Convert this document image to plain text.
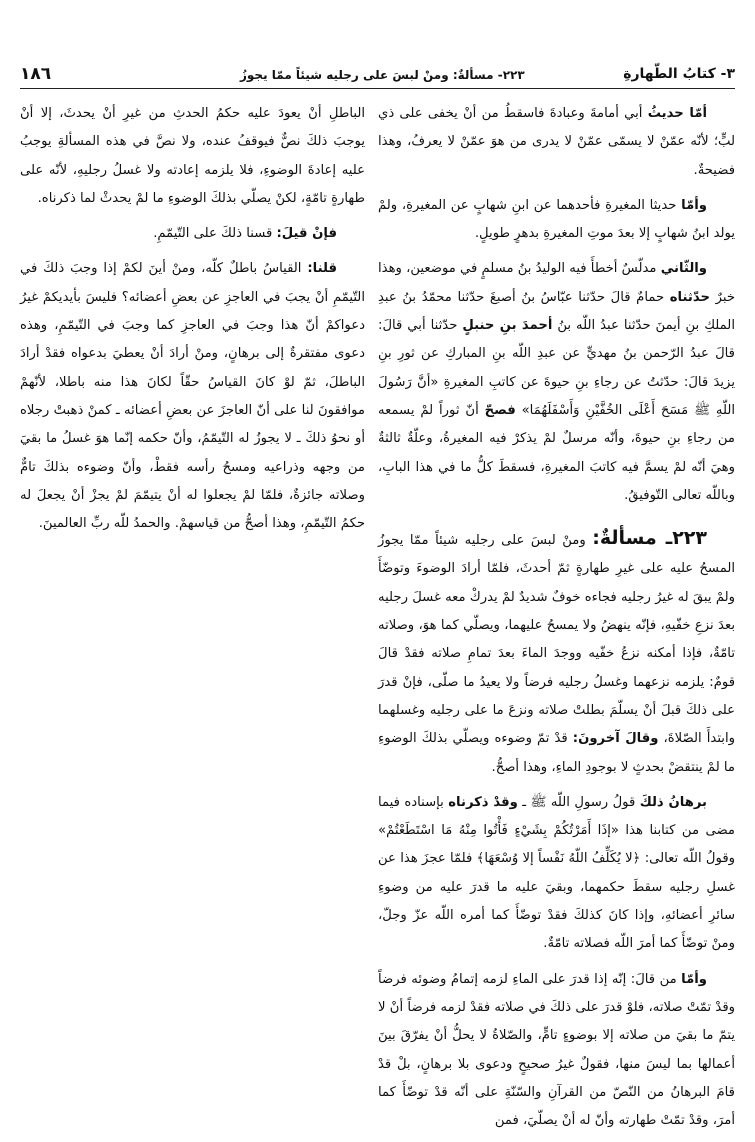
٣- كتابُ الطّهارةِ
٢٢٣- مسألةٌ: ومنْ لبسَ على رجليه شيئاً ممّا يجوزُ
١٨٦

أمّا حديثُ أبي أمامةَ وعبادةَ فاسقطُ من أنْ يخفى على ذي لبٍّ؛ لأنّه عمّنْ لا يسمّى عمّنْ لا يدرى من هوَ عمّنْ لا يعرفُ، وهذا فضيحةٌ.

وأمّا حديثا المغيرةِ فأحدهما عن ابنِ شهابٍ عن المغيرةِ، ولمْ يولد ابنُ شهابٍ إلا بعدَ موتِ المغيرةِ بدهرٍ طويلٍ.

والثّاني مدلّسٌ أخطأَ فيه الوليدُ بنُ مسلمٍ في موضعين، وهذا خبرٌ حدّثناه حمامٌ قالَ حدّثنا عبّاسُ بنُ أصبغَ حدّثنا محمّدُ بنُ عبدِ الملكِ بنِ أيمنَ حدّثنا عبدُ اللّه بنُ أحمدَ بنِ حنبلٍ حدّثنا أبي قالَ: قالَ عبدُ الرّحمن بنُ مهديٍّ عن عبدِ اللّه بنِ المباركِ عن ثورِ بنِ يزيدَ قالَ: حدّثتُ عن رجاءِ بنِ حيوةَ عن كاتبِ المغيرةِ «أنَّ رَسُولَ اللّهِ ﷺ مَسَحَ أَعْلَى الخُفَّيْنِ وَأَسْفَلَهُمَا» فصحّ أنّ ثوراً لمْ يسمعه من رجاءِ بنِ حيوةَ، وأنّه مرسلٌ لمْ يذكرْ فيه المغيرةُ، وعلّةٌ ثالثةٌ وهيَ أنّه لمْ يسمَّ فيه كاتبَ المغيرةِ، فسقطَ كلُّ ما في هذا البابِ، وباللّه تعالى التّوفيقُ.

٢٢٣ـ مسألةٌ: ومنْ لبسَ على رجليه شيئاً ممّا يجوزُ المسحُ عليه على غيرِ طهارةٍ ثمّ أحدثَ، فلمّا أرادَ الوضوءَ وتوضّأَ ولمْ يبقَ له غيرُ رجليه فجاءه خوفٌ شديدٌ لمْ يدركْ معه غسلَ رجليه بعدَ نزعِ خفّيهِ، فإنّه ينهضُ ولا يمسحُ عليهما، ويصلّي كما هوَ، وصلاته تامّةٌ، فإذا أمكنه نزعُ خفّيه ووجدَ الماءَ بعدَ تمامِ صلاته فقدْ قالَ قومٌ: يلزمه نزعهما وغسلُ رجليه فرضاً ولا يعيدُ ما صلّى، فإنْ قدرَ على ذلكَ قبلَ أنْ يسلّمَ بطلتْ صلاته ونزعَ ما على رجليه وغسلهما وابتدأَ الصّلاةَ، وقالَ آخرونَ: قدْ تمّ وضوءه ويصلّي بذلكَ الوضوءِ ما لمْ ينتقضْ بحدثٍ لا بوجودِ الماءِ، وهذا أصحُّ.

برهانُ ذلكَ قولُ رسولِ اللّه ﷺ ـ وقدْ ذكرناه بإسناده فيما مضى من كتابنا هذا «إذَا أَمَرْتُكُمْ بِشَيْءٍ فَأْتُوا مِنْهُ مَا اسْتَطَعْتُمْ» وقولُ اللّه تعالى: ﴿لا يُكَلِّفُ اللّهُ نَفْساً إلا وُسْعَهَا﴾ فلمّا عجزَ هذا عن غسلِ رجليه سقطَ حكمهما، وبقيَ عليه ما قدرَ عليه من وضوءِ سائرِ أعضائهِ، وإذا كانَ كذلكَ فقدْ توضّأَ كما أمره اللّه عزّ وجلّ، ومنْ توضّأَ كما أمرَ اللّه فصلاته تامّةٌ.

وأمّا من قالَ: إنّه إذا قدرَ على الماءِ لزمه إتمامُ وضوئه فرضاً وقدْ تمّتْ صلاته، فلوْ قدرَ على ذلكَ في صلاته فقدْ لزمه فرضاً أنْ لا يتمّ ما بقيَ من صلاته إلا بوضوءٍ تامٍّ، والصّلاةُ لا يحلُّ أنْ يفرّقَ بينَ أعمالها بما ليسَ منها، فقولٌ غيرُ صحيحٍ ودعوى بلا برهانٍ، بلْ قدْ قامَ البرهانُ من النّصّ من القرآنِ والسّنّةِ على أنّه قدْ توضّأَ كما أمرَ، وقدْ تمّتْ طهارته وأنّ له أنْ يصلّيَ، فمن

الباطلِ أنْ يعودَ عليه حكمُ الحدثِ من غيرِ أنْ يحدثَ، إلا أنْ يوجبَ ذلكَ نصٌّ فيوقفُ عنده، ولا نصَّ في هذه المسألةِ يوجبُ عليه إعادةَ الوضوءِ، فلا يلزمه إعادته ولا غسلُ رجليهِ، لأنّه على طهارةٍ تامّةٍ، لكنْ يصلّي بذلكَ الوضوءِ ما لمْ يحدثْ لما ذكرناه.

فإنْ قيلَ: قسنا ذلكَ على التّيمّمِ.

قلنا: القياسُ باطلٌ كلّه، ومنْ أينَ لكمْ إذا وجبَ ذلكَ في التّيمّمِ أنْ يجبَ في العاجزِ عن بعضِ أعضائه؟ فليسَ بأيديكمْ غيرُ دعواكمْ أنّ هذا وجبَ في العاجزِ كما وجبَ في التّيمّمِ، وهذه دعوى مفتقرةٌ إلى برهانٍ، ومنْ أرادَ أنْ يعطيَ بدعواه فقدْ أرادَ الباطلَ، ثمّ لوْ كانَ القياسُ حقّاً لكانَ هذا منه باطلا، لأنّهمْ موافقونَ لنا على أنّ العاجزَ عن بعضِ أعضائه ـ كمنْ ذهبتْ رجلاه أو نحوُ ذلكَ ـ لا يجوزُ له التّيمّمُ، وأنّ حكمه إنّما هوَ غسلُ ما بقيَ من وجهه وذراعيه ومسحُ رأسه فقطْ، وأنّ وضوءه بذلكَ تامٌّ وصلاته جائزةٌ، فلمّا لمْ يجعلوا له أنْ يتيمّمَ لمْ يجزْ أنْ يجعلَ له حكمُ التّيمّمِ، وهذا أصحُّ من قياسهمْ. والحمدُ للّه ربِّ العالمينَ.
